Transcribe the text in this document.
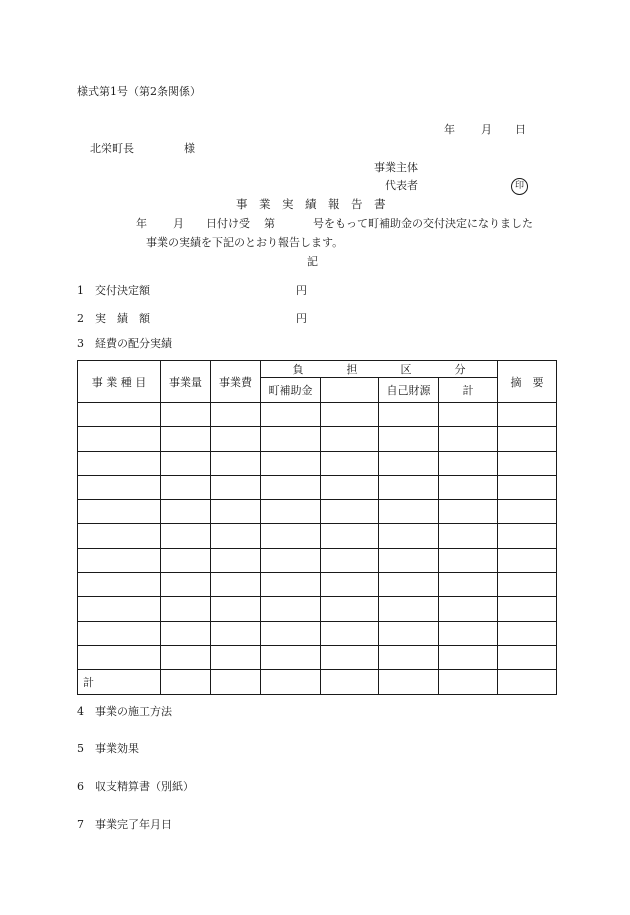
様式第1号（第2条関係）
年 月 日
北栄町長	様
事業主体
代表者	印
事　業　実　績　報　告　書
年 月 日付け受 第	号をもって町補助金の交付決定になりました
事業の実績を下記のとおり報告します。
記
1 交付決定額	円
2 実　績　額	円
3 経費の配分実績
事 業 種 目	事業量	事業費	負 担 区 分				摘　要
			町補助金		自己財源	計	

計							
4 事業の施工方法
5 事業効果
6 収支精算書（別紙）
7 事業完了年月日
